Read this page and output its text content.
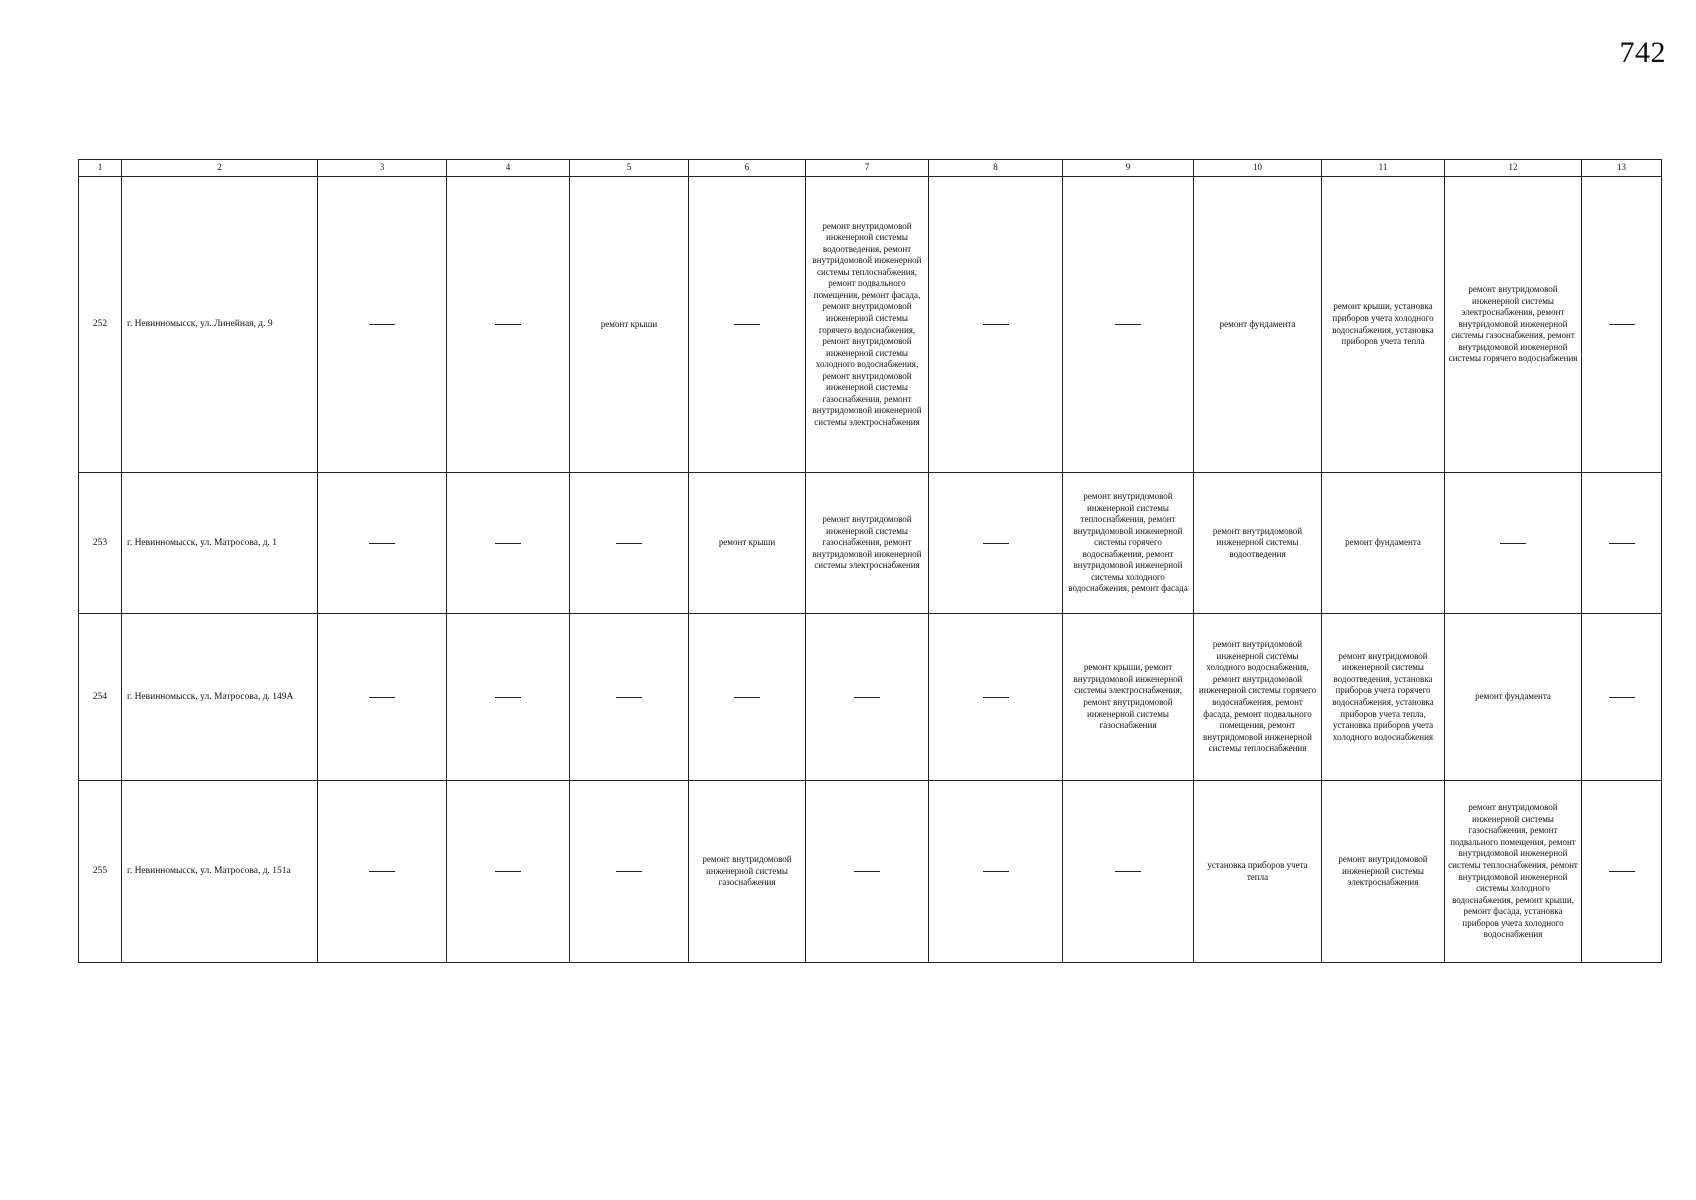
742
1	2	3	4	5	6	7	8	9	10	11	12	13
252	г. Невинномысск, ул. Линейная, д. 9			ремонт крыши		ремонт внутридомовой инженерной системы водоотведения, ремонт внутридомовой инженерной системы теплоснабжения, ремонт подвального помещения, ремонт фасада, ремонт внутридомовой инженерной системы горячего водоснабжения, ремонт внутридомовой инженерной системы холодного водоснабжения, ремонт внутридомовой инженерной системы газоснабжения, ремонт внутридомовой инженерной системы электроснабжения			ремонт фундамента	ремонт крыши, установка приборов учета холодного водоснабжения, установка приборов учета тепла	ремонт внутридомовой инженерной системы электроснабжения, ремонт внутридомовой инженерной системы газоснабжения, ремонт внутридомовой инженерной системы горячего водоснабжения	
253	г. Невинномысск, ул. Матросова, д. 1				ремонт крыши	ремонт внутридомовой инженерной системы газоснабжения, ремонт внутридомовой инженерной системы электроснабжения		ремонт внутридомовой инженерной системы теплоснабжения, ремонт внутридомовой инженерной системы горячего водоснабжения, ремонт внутридомовой инженерной системы холодного водоснабжения, ремонт фасада	ремонт внутридомовой инженерной системы водоотведения	ремонт фундамента		
254	г. Невинномысск, ул. Матросова, д. 149А							ремонт крыши, ремонт внутридомовой инженерной системы электроснабжения, ремонт внутридомовой инженерной системы газоснабжения	ремонт внутридомовой инженерной системы холодного водоснабжения, ремонт внутридомовой инженерной системы горячего водоснабжения, ремонт фасада, ремонт подвального помещения, ремонт внутридомовой инженерной системы теплоснабжения	ремонт внутридомовой инженерной системы водоотведения, установка приборов учета горячего водоснабжения, установка приборов учета тепла, установка приборов учета холодного водоснабжения	ремонт фундамента	
255	г. Невинномысск, ул. Матросова, д. 151а				ремонт внутридомовой инженерной системы газоснабжения				установка приборов учета тепла	ремонт внутридомовой инженерной системы электроснабжения	ремонт внутридомовой инженерной системы газоснабжения, ремонт подвального помещения, ремонт внутридомовой инженерной системы теплоснабжения, ремонт внутридомовой инженерной системы холодного водоснабжения, ремонт крыши, ремонт фасада, установка приборов учета холодного водоснабжения	
